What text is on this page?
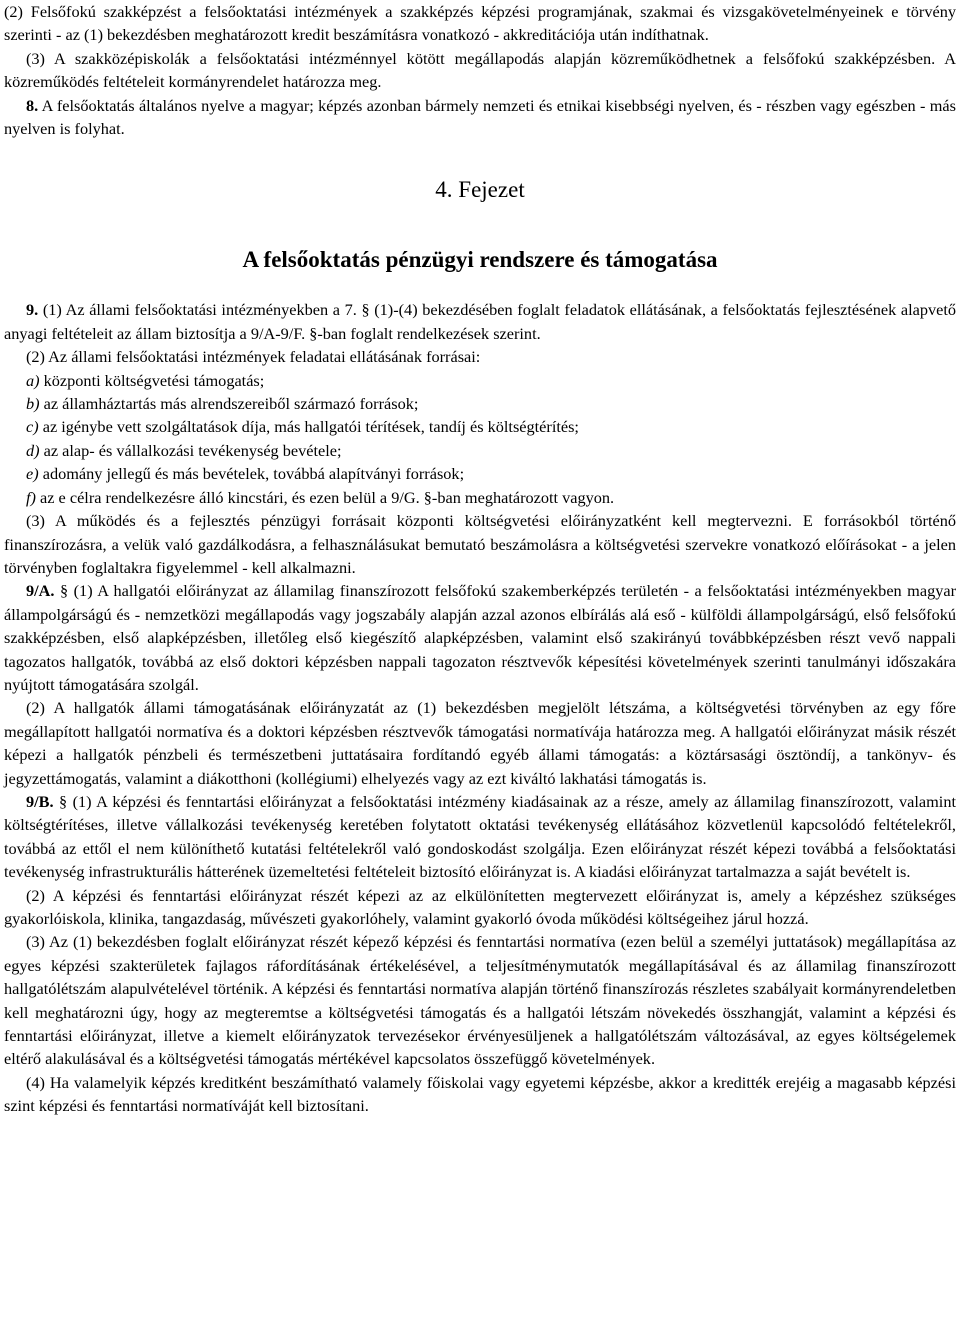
(2) Felsőfokú szakképzést a felsőoktatási intézmények a szakképzés képzési programjának, szakmai és vizsgakövetelményeinek e törvény szerinti - az (1) bekezdésben meghatározott kredit beszámításra vonatkozó - akkreditációja után indíthatnak.

(3) A szakközépiskolák a felsőoktatási intézménnyel kötött megállapodás alapján közreműködhetnek a felsőfokú szakképzésben. A közreműködés feltételeit kormányrendelet határozza meg.

8. A felsőoktatás általános nyelve a magyar; képzés azonban bármely nemzeti és etnikai kisebbségi nyelven, és - részben vagy egészben - más nyelven is folyhat.

4. Fejezet
A felsőoktatás pénzügyi rendszere és támogatása

9. (1) Az állami felsőoktatási intézményekben a 7. § (1)-(4) bekezdésében foglalt feladatok ellátásának, a felsőoktatás fejlesztésének alapvető anyagi feltételeit az állam biztosítja a 9/A-9/F. §-ban foglalt rendelkezések szerint.

(2) Az állami felsőoktatási intézmények feladatai ellátásának forrásai:

a) központi költségvetési támogatás;

b) az államháztartás más alrendszereiből származó források;

c) az igénybe vett szolgáltatások díja, más hallgatói térítések, tandíj és költségtérítés;

d) az alap- és vállalkozási tevékenység bevétele;

e) adomány jellegű és más bevételek, továbbá alapítványi források;

f) az e célra rendelkezésre álló kincstári, és ezen belül a 9/G. §-ban meghatározott vagyon.

(3) A működés és a fejlesztés pénzügyi forrásait központi költségvetési előirányzatként kell megtervezni. E forrásokból történő finanszírozásra, a velük való gazdálkodásra, a felhasználásukat bemutató beszámolásra a költségvetési szervekre vonatkozó előírásokat - a jelen törvényben foglaltakra figyelemmel - kell alkalmazni.

9/A. § (1) A hallgatói előirányzat az államilag finanszírozott felsőfokú szakemberképzés területén - a felsőoktatási intézményekben magyar állampolgárságú és - nemzetközi megállapodás vagy jogszabály alapján azzal azonos elbírálás alá eső - külföldi állampolgárságú, első felsőfokú szakképzésben, első alapképzésben, illetőleg első kiegészítő alapképzésben, valamint első szakirányú továbbképzésben részt vevő nappali tagozatos hallgatók, továbbá az első doktori képzésben nappali tagozaton résztvevők képesítési követelmények szerinti tanulmányi időszakára nyújtott támogatására szolgál.

(2) A hallgatók állami támogatásának előirányzatát az (1) bekezdésben megjelölt létszáma, a költségvetési törvényben az egy főre megállapított hallgatói normatíva és a doktori képzésben résztvevők támogatási normatívája határozza meg. A hallgatói előirányzat másik részét képezi a hallgatók pénzbeli és természetbeni juttatásaira fordítandó egyéb állami támogatás: a köztársasági ösztöndíj, a tankönyv- és jegyzettámogatás, valamint a diákotthoni (kollégiumi) elhelyezés vagy az ezt kiváltó lakhatási támogatás is.

9/B. § (1) A képzési és fenntartási előirányzat a felsőoktatási intézmény kiadásainak az a része, amely az államilag finanszírozott, valamint költségtérítéses, illetve vállalkozási tevékenység keretében folytatott oktatási tevékenység ellátásához közvetlenül kapcsolódó feltételekről, továbbá az ettől el nem különíthető kutatási feltételekről való gondoskodást szolgálja. Ezen előirányzat részét képezi továbbá a felsőoktatási tevékenység infrastrukturális hátterének üzemeltetési feltételeit biztosító előirányzat is. A kiadási előirányzat tartalmazza a saját bevételt is.

(2) A képzési és fenntartási előirányzat részét képezi az az elkülönítetten megtervezett előirányzat is, amely a képzéshez szükséges gyakorlóiskola, klinika, tangazdaság, művészeti gyakorlóhely, valamint gyakorló óvoda működési költségeihez járul hozzá.

(3) Az (1) bekezdésben foglalt előirányzat részét képező képzési és fenntartási normatíva (ezen belül a személyi juttatások) megállapítása az egyes képzési szakterületek fajlagos ráfordításának értékelésével, a teljesítménymutatók megállapításával és az államilag finanszírozott hallgatólétszám alapulvételével történik. A képzési és fenntartási normatíva alapján történő finanszírozás részletes szabályait kormányrendeletben kell meghatározni úgy, hogy az megteremtse a költségvetési támogatás és a hallgatói létszám növekedés összhangját, valamint a képzési és fenntartási előirányzat, illetve a kiemelt előirányzatok tervezésekor érvényesüljenek a hallgatólétszám változásával, az egyes költségelemek eltérő alakulásával és a költségvetési támogatás mértékével kapcsolatos összefüggő követelmények.

(4) Ha valamelyik képzés kreditként beszámítható valamely főiskolai vagy egyetemi képzésbe, akkor a kreditték erejéig a magasabb képzési szint képzési és fenntartási normatíváját kell biztosítani.
